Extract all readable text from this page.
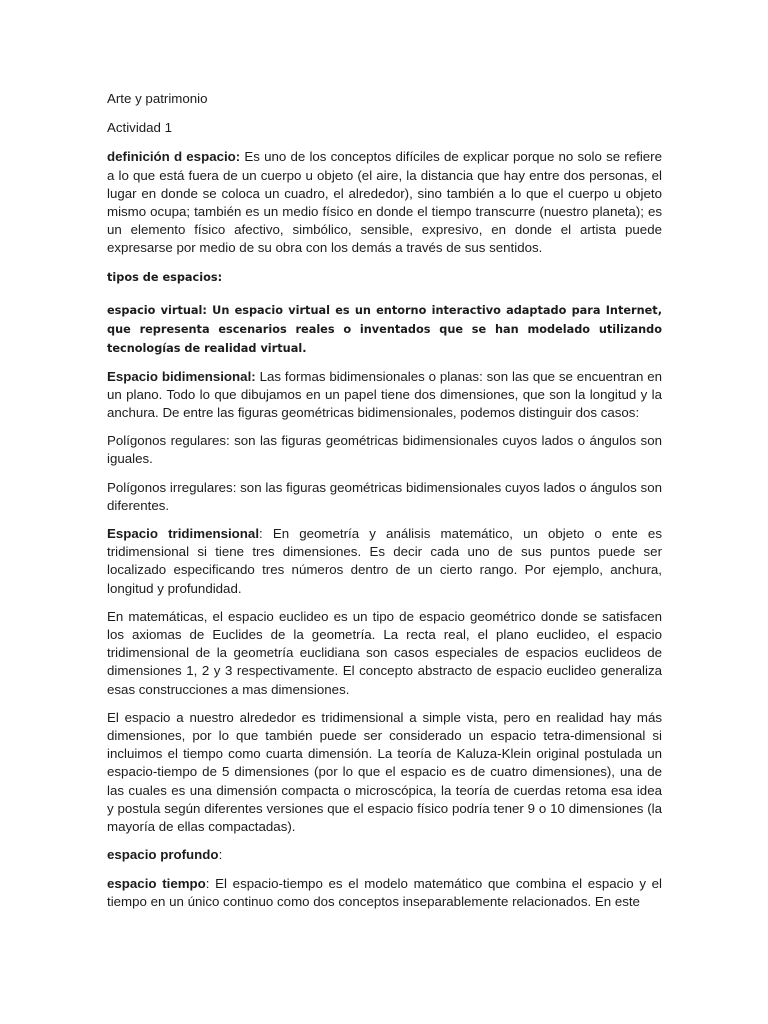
Arte y patrimonio

Actividad 1

definición d espacio: Es uno de los conceptos difíciles de explicar porque no solo se refiere a lo que está fuera de un cuerpo u objeto (el aire, la distancia que hay entre dos personas, el lugar en donde se coloca un cuadro, el alrededor), sino también a lo que el cuerpo u objeto mismo ocupa; también es un medio físico en donde el tiempo transcurre (nuestro planeta); es un elemento físico afectivo, simbólico, sensible, expresivo, en donde el artista puede expresarse por medio de su obra con los demás a través de sus sentidos.

tipos de espacios:

espacio virtual: Un espacio virtual es un entorno interactivo adaptado para Internet, que representa escenarios reales o inventados que se han modelado utilizando tecnologías de realidad virtual.

Espacio bidimensional: Las formas bidimensionales o planas: son las que se encuentran en un plano. Todo lo que dibujamos en un papel tiene dos dimensiones, que son la longitud y la anchura. De entre las figuras geométricas bidimensionales, podemos distinguir dos casos:

Polígonos regulares: son las figuras geométricas bidimensionales cuyos lados o ángulos son iguales.

Polígonos irregulares: son las figuras geométricas bidimensionales cuyos lados o ángulos son diferentes.

Espacio tridimensional: En geometría y análisis matemático, un objeto o ente es tridimensional si tiene tres dimensiones. Es decir cada uno de sus puntos puede ser localizado especificando tres números dentro de un cierto rango. Por ejemplo, anchura, longitud y profundidad.

En matemáticas, el espacio euclideo es un tipo de espacio geométrico donde se satisfacen los axiomas de Euclides de la geometría. La recta real, el plano euclideo, el espacio tridimensional de la geometría euclidiana son casos especiales de espacios euclideos de dimensiones 1, 2 y 3 respectivamente. El concepto abstracto de espacio euclideo generaliza esas construcciones a mas dimensiones.

El espacio a nuestro alrededor es tridimensional a simple vista, pero en realidad hay más dimensiones, por lo que también puede ser considerado un espacio tetra-dimensional si incluimos el tiempo como cuarta dimensión. La teoría de Kaluza-Klein original postulada un espacio-tiempo de 5 dimensiones (por lo que el espacio es de cuatro dimensiones), una de las cuales es una dimensión compacta o microscópica, la teoría de cuerdas retoma esa idea y postula según diferentes versiones que el espacio físico podría tener 9 o 10 dimensiones (la mayoría de ellas compactadas).

espacio profundo:

espacio tiempo: El espacio-tiempo es el modelo matemático que combina el espacio y el tiempo en un único continuo como dos conceptos inseparablemente relacionados. En este
